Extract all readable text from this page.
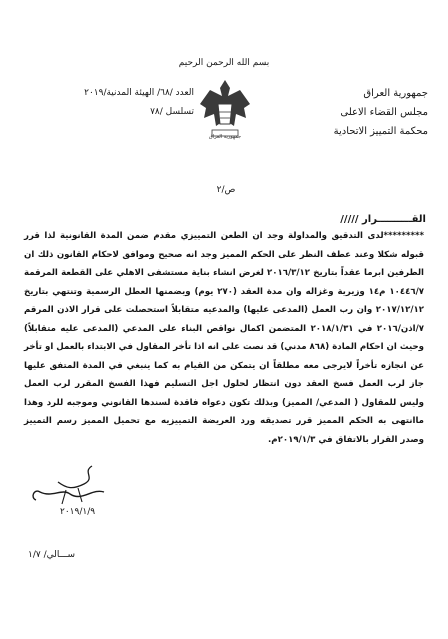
بسم الله الرحمن الرحيم
جمهورية العراق
مجلس القضاء الاعلى
محكمة التمييز الاتحادية
العدد /٦٨/ الهيئة المدنية/٢٠١٩
تسلسل /٧٨
جمهورية العراق
ص/٢
القــــــــــرار /////
*********لدى التدقيق والمداولة وجد ان الطعن التمييزي مقدم ضمن المدة القانونية لذا قرر قبوله شكلا وعند عطف النظر على الحكم المميز وجد انه صحيح وموافق لاحكام القانون ذلك ان الطرفين ابرما عقداً بتاريخ ٢٠١٦/٣/١٢ لغرض انشاء بناية مستشفى الاهلي على القطعة المرقمة ١٠٤٤٦/٧ م١٤ وزيرية وغزاله وان مدة العقد (٢٧٠ يوم) ويضمنها العطل الرسمية وتنتهي بتاريخ ٢٠١٧/١٢/١٢ وان رب العمل (المدعى عليها) والمدعيه متقابلاً استحصلت على قرار الاذن المرقم ٧/اذن/٢٠١٦ في ٢٠١٨/١/٣١ المتضمن اكمال نواقص البناء على المدعي (المدعى عليه متقابلاً) وحيث ان احكام المادة (٨٦٨ مدني) قد نصت على انه اذا تأخر المقاول في الابتداء بالعمل او تأخر عن انجازه تأخراً لايرجى معه مطلقاً ان يتمكن من القيام به كما ينبغي في المدة المتفق عليها جاز لرب العمل فسخ العقد دون انتظار لحلول اجل التسليم فهذا الفسخ المقرر لرب العمل وليس للمقاول ( المدعي/ المميز) وبذلك تكون دعواه فاقدة لسندها القانوني وموجبه للرد وهذا ماانتهى به الحكم المميز قرر تصديقه ورد العريضة التمييزيه مع تحميل المميز رسم التمييز وصدر القرار بالاتفاق في ٢٠١٩/١/٣م.
٢٠١٩/١/٩
ســـالي/ ١/٧
